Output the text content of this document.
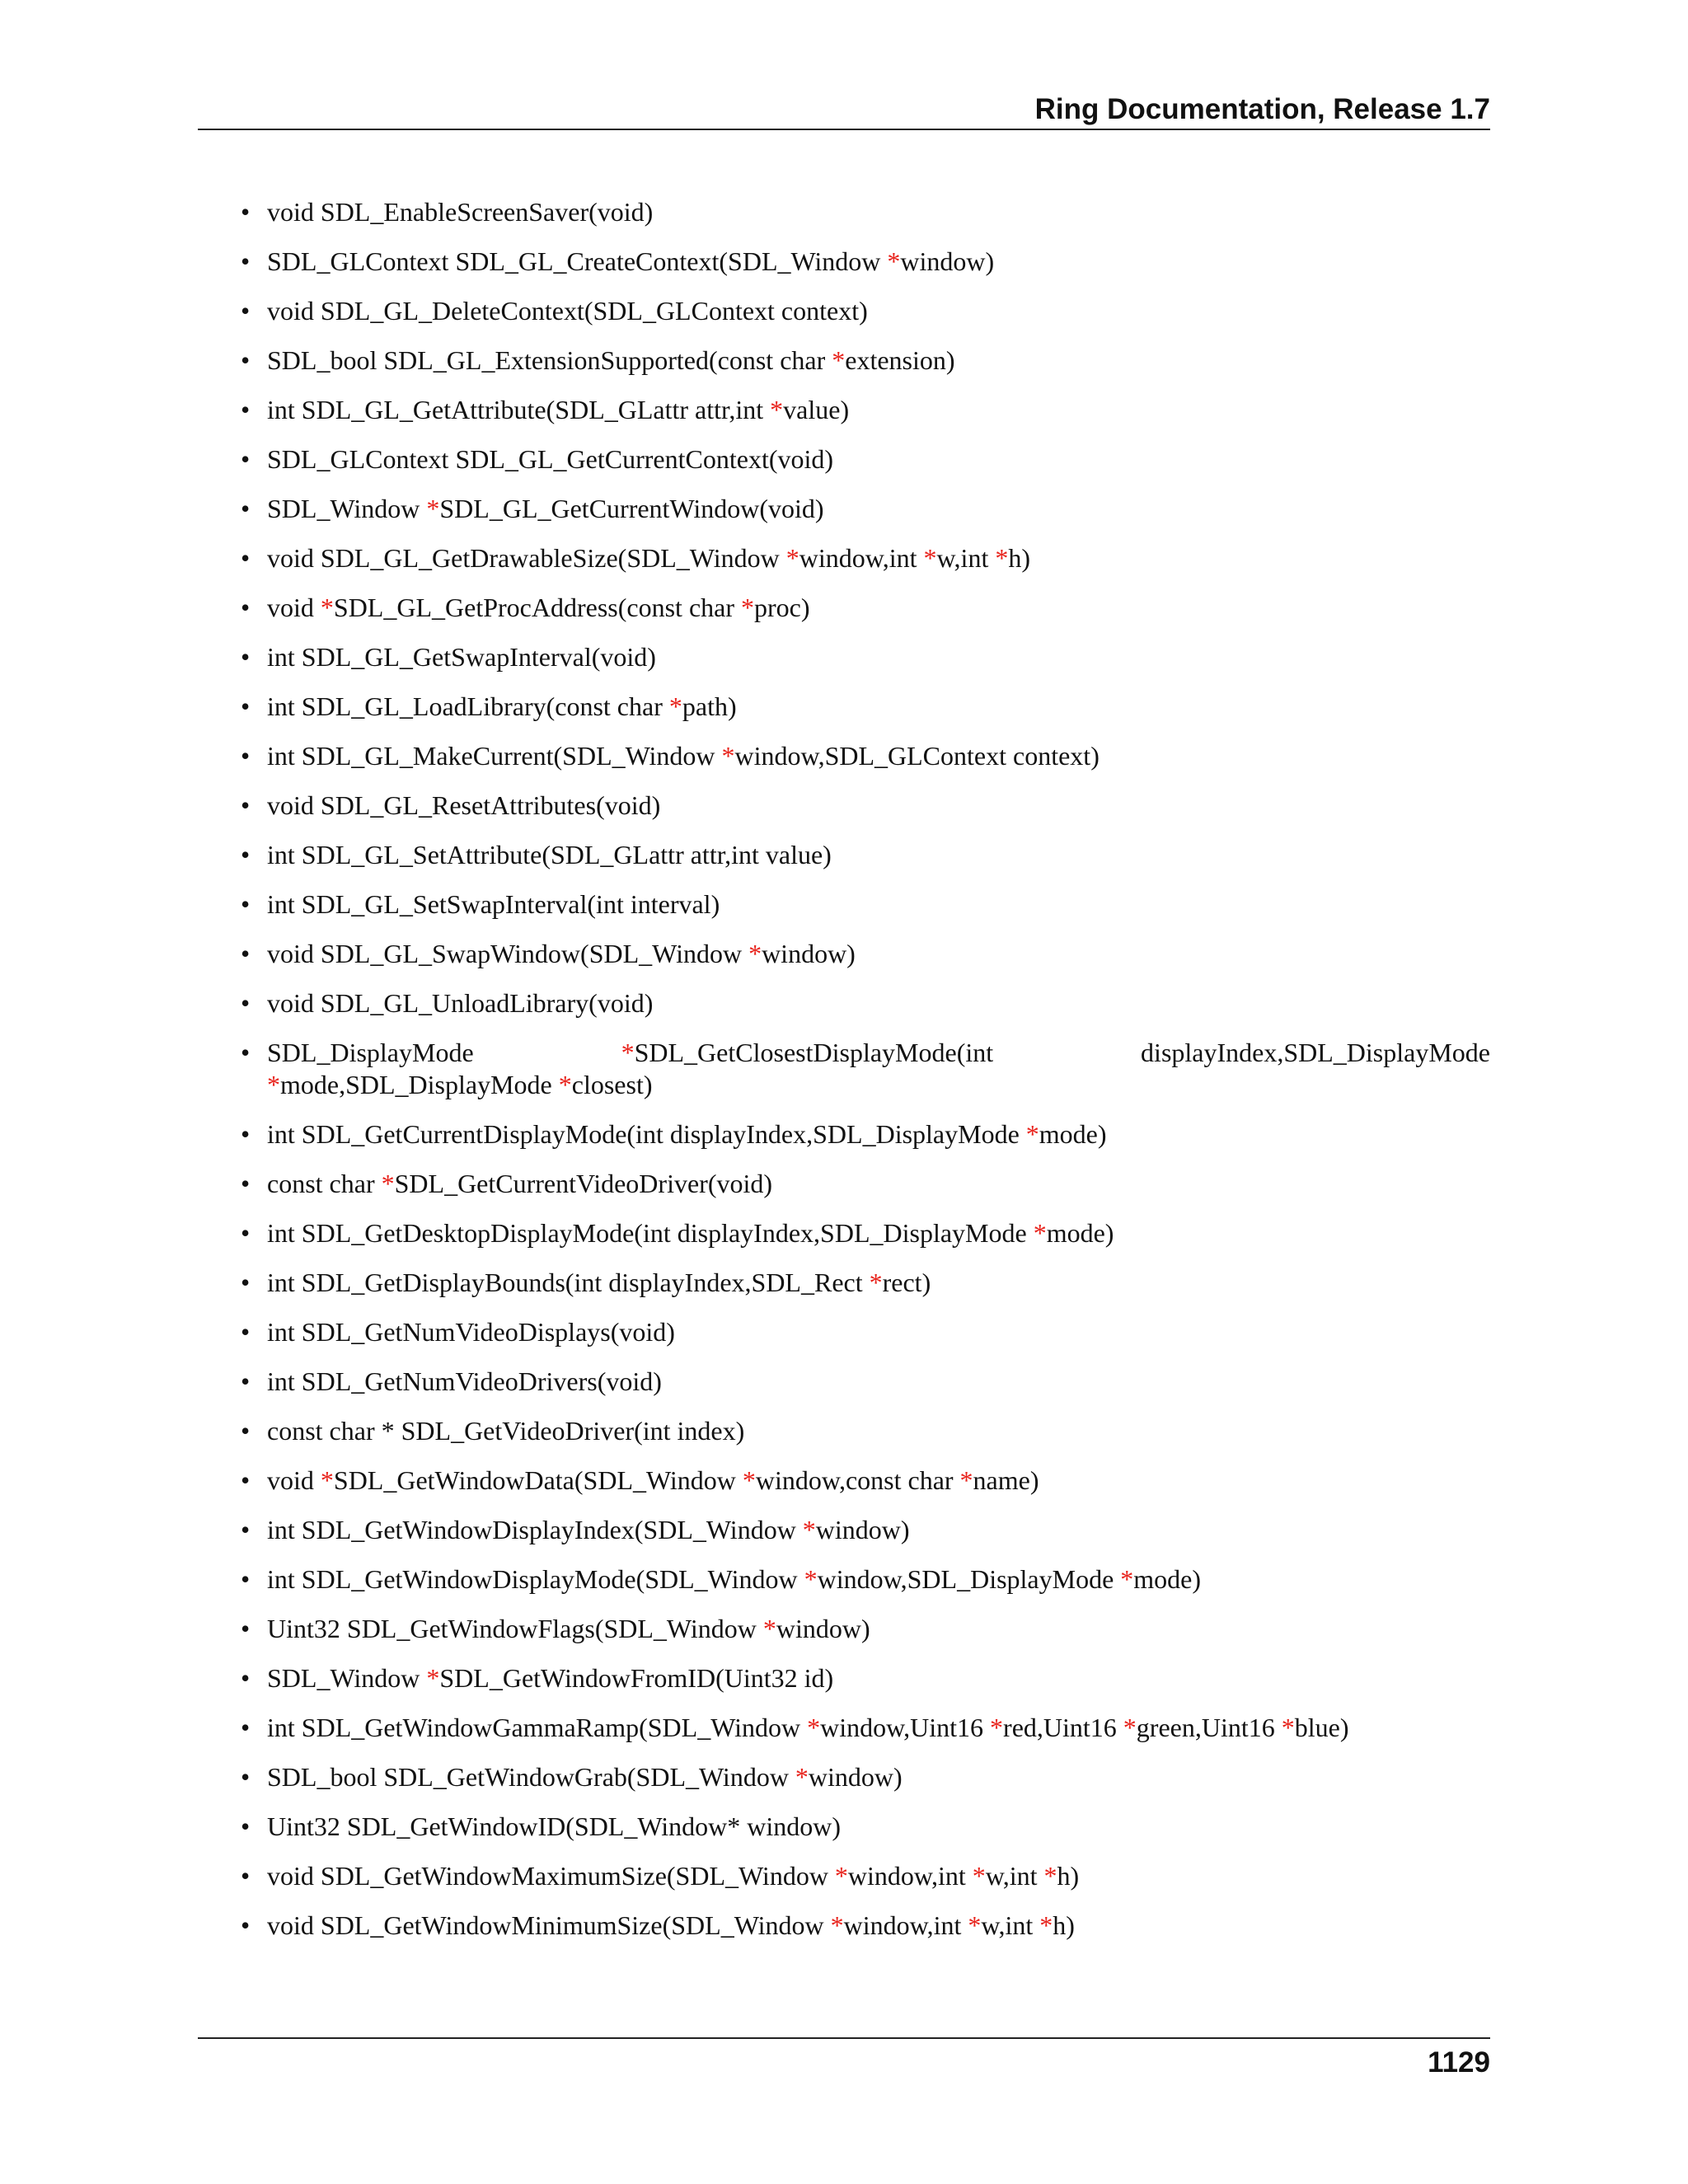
Ring Documentation, Release 1.7
• void SDL_EnableScreenSaver(void)
• SDL_GLContext SDL_GL_CreateContext(SDL_Window *window)
• void SDL_GL_DeleteContext(SDL_GLContext context)
• SDL_bool SDL_GL_ExtensionSupported(const char *extension)
• int SDL_GL_GetAttribute(SDL_GLattr attr,int *value)
• SDL_GLContext SDL_GL_GetCurrentContext(void)
• SDL_Window *SDL_GL_GetCurrentWindow(void)
• void SDL_GL_GetDrawableSize(SDL_Window *window,int *w,int *h)
• void *SDL_GL_GetProcAddress(const char *proc)
• int SDL_GL_GetSwapInterval(void)
• int SDL_GL_LoadLibrary(const char *path)
• int SDL_GL_MakeCurrent(SDL_Window *window,SDL_GLContext context)
• void SDL_GL_ResetAttributes(void)
• int SDL_GL_SetAttribute(SDL_GLattr attr,int value)
• int SDL_GL_SetSwapInterval(int interval)
• void SDL_GL_SwapWindow(SDL_Window *window)
• void SDL_GL_UnloadLibrary(void)
• SDL_DisplayMode *SDL_GetClosestDisplayMode(int displayIndex,SDL_DisplayMode *mode,SDL_DisplayMode *closest)
• int SDL_GetCurrentDisplayMode(int displayIndex,SDL_DisplayMode *mode)
• const char *SDL_GetCurrentVideoDriver(void)
• int SDL_GetDesktopDisplayMode(int displayIndex,SDL_DisplayMode *mode)
• int SDL_GetDisplayBounds(int displayIndex,SDL_Rect *rect)
• int SDL_GetNumVideoDisplays(void)
• int SDL_GetNumVideoDrivers(void)
• const char * SDL_GetVideoDriver(int index)
• void *SDL_GetWindowData(SDL_Window *window,const char *name)
• int SDL_GetWindowDisplayIndex(SDL_Window *window)
• int SDL_GetWindowDisplayMode(SDL_Window *window,SDL_DisplayMode *mode)
• Uint32 SDL_GetWindowFlags(SDL_Window *window)
• SDL_Window *SDL_GetWindowFromID(Uint32 id)
• int SDL_GetWindowGammaRamp(SDL_Window *window,Uint16 *red,Uint16 *green,Uint16 *blue)
• SDL_bool SDL_GetWindowGrab(SDL_Window *window)
• Uint32 SDL_GetWindowID(SDL_Window* window)
• void SDL_GetWindowMaximumSize(SDL_Window *window,int *w,int *h)
• void SDL_GetWindowMinimumSize(SDL_Window *window,int *w,int *h)
1129
